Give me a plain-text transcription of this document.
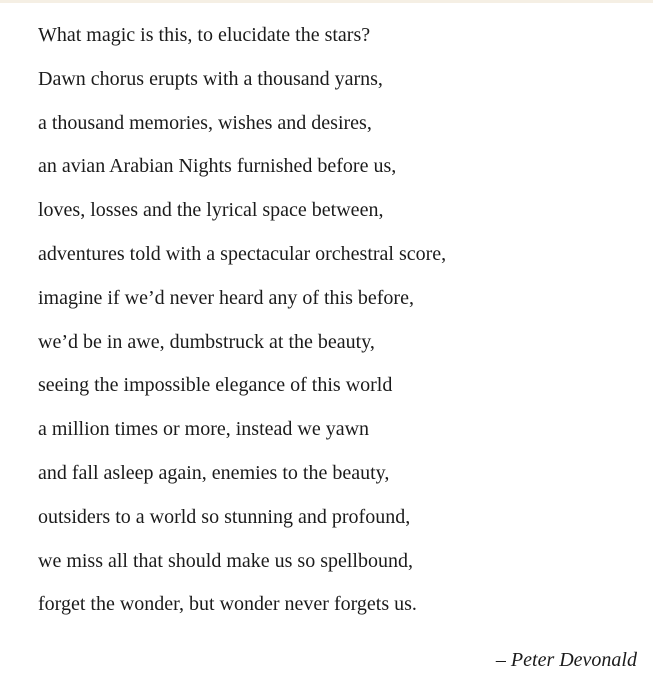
What magic is this, to elucidate the stars?

Dawn chorus erupts with a thousand yarns,

a thousand memories, wishes and desires,

an avian Arabian Nights furnished before us,

loves, losses and the lyrical space between,

adventures told with a spectacular orchestral score,

imagine if we’d never heard any of this before,

we’d be in awe, dumbstruck at the beauty,

seeing the impossible elegance of this world

a million times or more, instead we yawn

and fall asleep again, enemies to the beauty,

outsiders to a world so stunning and profound,

we miss all that should make us so spellbound,

forget the wonder, but wonder never forgets us.

– Peter Devonald
